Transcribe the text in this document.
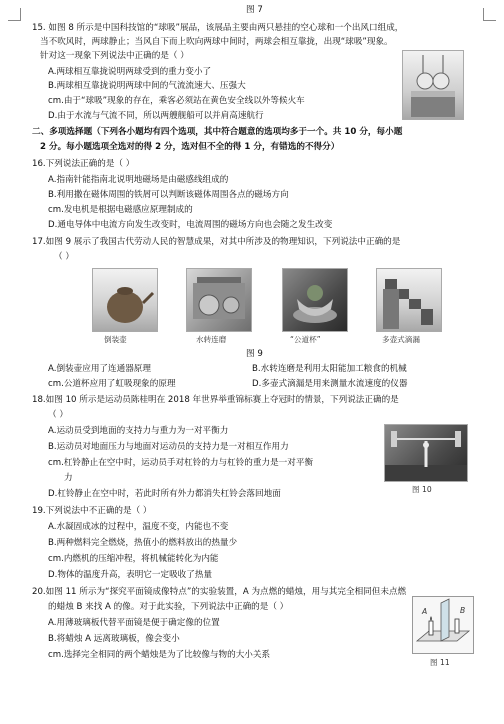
图 7
15. 如图 8 所示是中国科技馆的“球吸”展品，该展品主要由两只悬挂的空心球和一个出风口组成，
当不吹风时，两球静止；当风自下而上吹向两球中间时，两球会相互靠拢，出现“球吸”现象。
针对这一现象下列说法中正确的是（ ）
A.两球相互靠拢说明两球受到的重力变小了
B.两球相互靠拢说明两球中间的气流流速大、压强大
cm.由于“球吸”现象的存在，乘客必须站在黄色安全线以外等候火车
D.由于水流与气流不同，所以两艘舰船可以并肩高速航行
二、多项选择题（下列各小题均有四个选项，其中符合题意的选项均多于一个。共 10 分，每小题
2 分。每小题选项全选对的得 2 分，选对但不全的得 1 分，有错选的不得分）
16.下列说法正确的是（ ）
A.指南针能指南北说明地磁场是由磁感线组成的
B.利用撒在磁体周围的铁屑可以判断该磁体周围各点的磁场方向
cm.发电机是根据电磁感应原理制成的
D.通电导体中电流方向发生改变时，电流周围的磁场方向也会随之发生改变
17.如图 9 展示了我国古代劳动人民的智慧成果，对其中所涉及的物理知识，下列说法中正确的是
（ ）
倒装壶	水转连磨	“公道杯”	多壶式滴漏
图 9
A.倒装壶应用了连通器原理	B.水转连磨是利用太阳能加工粮食的机械
cm.公道杯应用了虹吸现象的原理	D.多壶式滴漏是用来测量水流速度的仪器
18.如图 10 所示是运动员陈桂明在 2018 年世界举重锦标赛上夺冠时的情景，下列说法正确的是
（ ）
A.运动员受到地面的支持力与重力为一对平衡力
B.运动员对地面压力与地面对运动员的支持力是一对相互作用力
cm.杠铃静止在空中时，运动员手对杠铃的力与杠铃的重力是一对平衡
力
D.杠铃静止在空中时，若此时所有外力都消失杠铃会落回地面	图 10
19.下列说法中不正确的是（ ）
A.水凝固成冰的过程中，温度不变，内能也不变
B.两种燃料完全燃烧，热值小的燃料放出的热量少
cm.内燃机的压缩冲程，将机械能转化为内能
D.物体的温度升高，表明它一定吸收了热量
20.如图 11 所示为“探究平面镜成像特点”的实验装置，A 为点燃的蜡烛，用与其完全相同但未点燃
的蜡烛 B 来找 A 的像。对于此实验，下列说法中正确的是（ ）
A.用薄玻璃板代替平面镜是便于确定像的位置
B.将蜡烛 A 远离玻璃板，像会变小
cm.选择完全相同的两个蜡烛是为了比较像与物的大小关系
A	B
图 11
